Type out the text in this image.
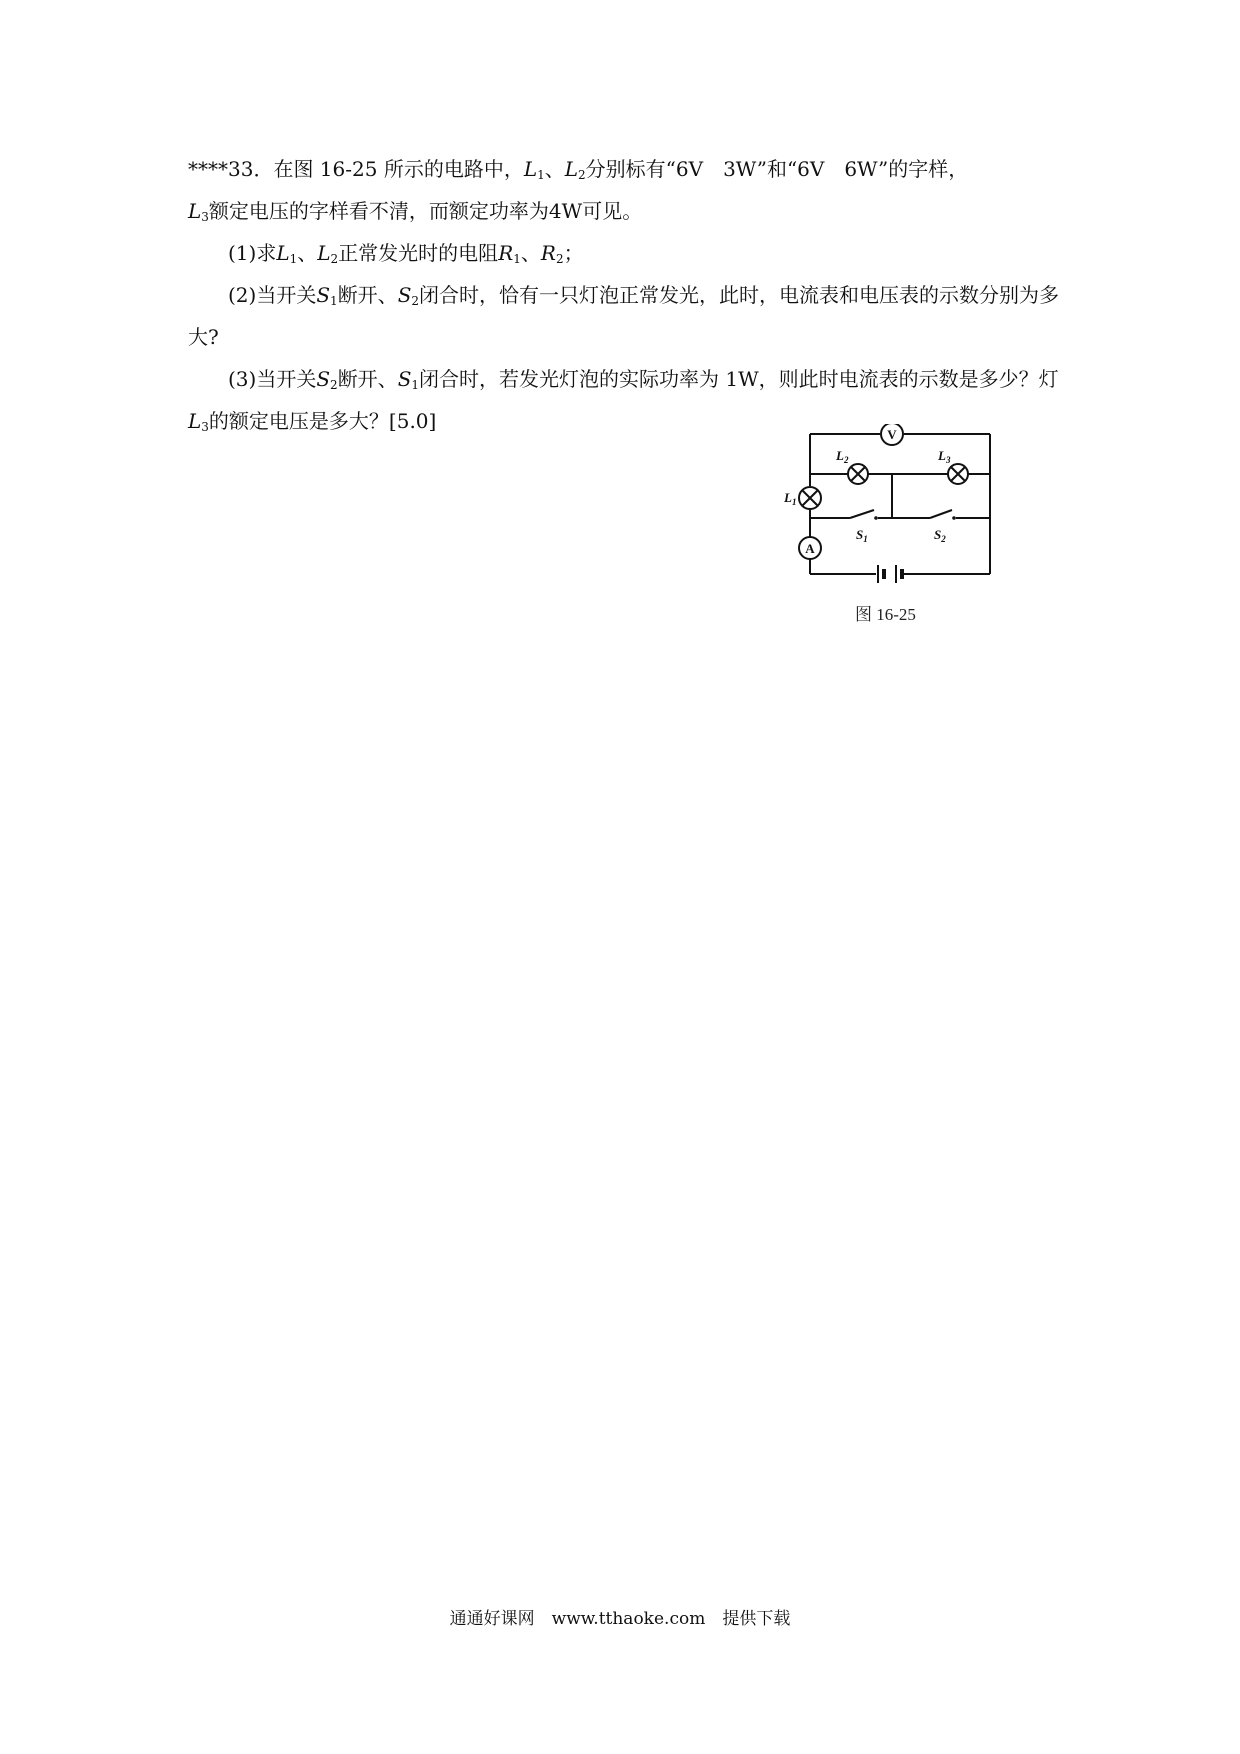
****33．在图 16-25 所示的电路中，$L_1$、$L_2$分别标有“6V　3W”和“6V　6W”的字样，
$L_3$额定电压的字样看不清，而额定功率为4W可见。

(1)求$L_1$、$L_2$正常发光时的电阻$R_1$、$R_2$；

(2)当开关$S_1$断开、$S_2$闭合时，恰有一只灯泡正常发光，此时，电流表和电压表的示数分别为多大?

(3)当开关$S_2$断开、$S_1$闭合时，若发光灯泡的实际功率为 1W，则此时电流表的示数是多少？灯$L_3$的额定电压是多大？[5.0]

V
A
$L_1$
$L_2$	$L_3$
$S_1$	$S_2$
图 16-25
通通好课网　www.tthaoke.com　提供下载
